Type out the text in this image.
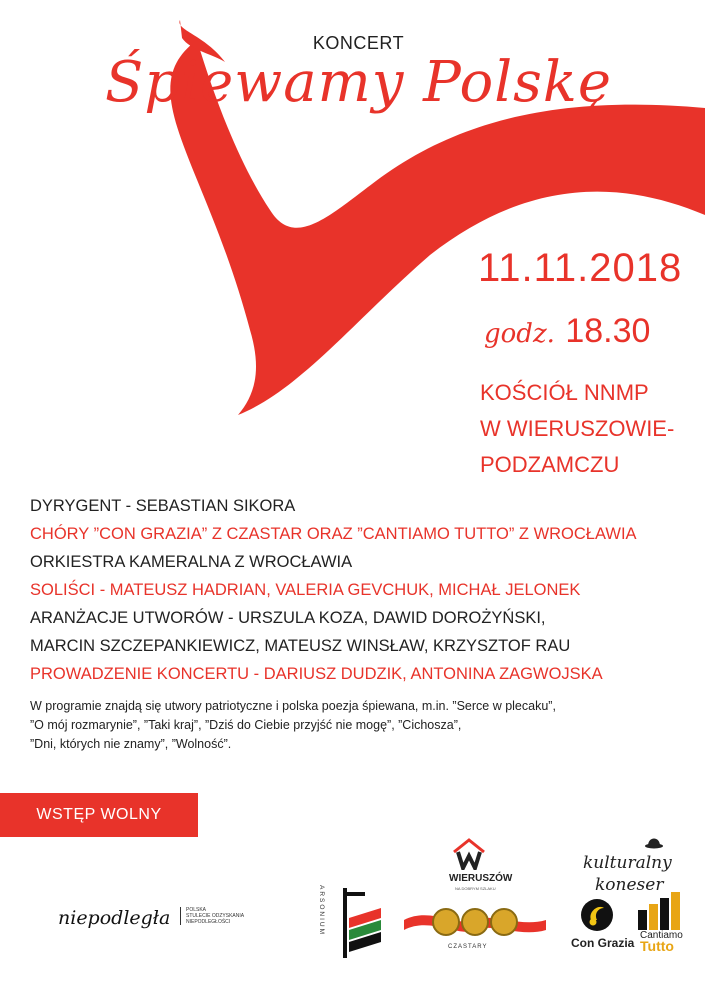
KONCERT
Śpiewamy Polskę
11.11.2018
godz. 18.30
KOŚCIÓŁ NNMP
W WIERUSZOWIE-
PODZAMCZU
DYRYGENT - SEBASTIAN SIKORA
CHÓRY ”CON GRAZIA” Z CZASTAR ORAZ ”CANTIAMO TUTTO” Z WROCŁAWIA
ORKIESTRA KAMERALNA Z WROCŁAWIA
SOLIŚCI - MATEUSZ HADRIAN, VALERIA GEVCHUK, MICHAŁ JELONEK
ARANŻACJE UTWORÓW - URSZULA KOZA, DAWID DOROŻYŃSKI,
MARCIN SZCZEPANKIEWICZ, MATEUSZ WINSŁAW, KRZYSZTOF RAU
PROWADZENIE KONCERTU - DARIUSZ DUDZIK, ANTONINA ZAGWOJSKA
W programie znajdą się utwory patriotyczne i polska poezja śpiewana, m.in. ”Serce w plecaku”,
”O mój rozmarynie”, ”Taki kraj”, ”Dziś do Ciebie przyjść nie mogę”, ”Cichosza”,
”Dni, których nie znamy”, ”Wolność”.
WSTĘP WOLNY
niepodległa	POLSKA
STULECIE ODZYSKANIA
NIEPODLEGŁOŚCI	ARSONIUM
WIERUSZÓW
NA DOBRYM SZLAKU
CZASTARY
kulturalny
koneser
Con Grazia
Cantiamo
Tutto
